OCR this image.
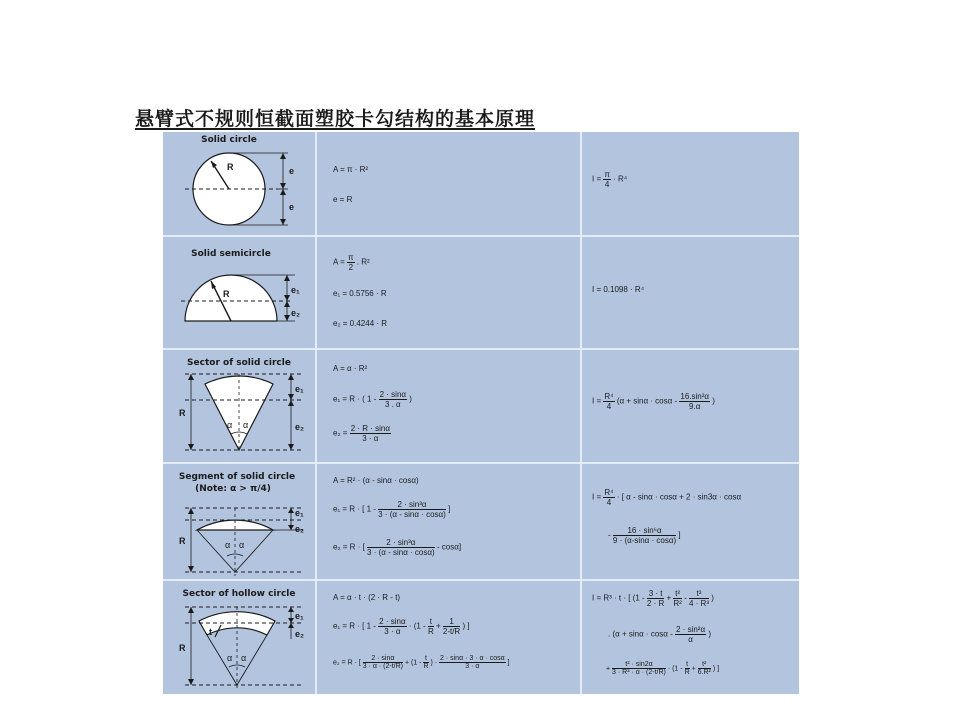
悬臂式不规则恒截面塑胶卡勾结构的基本原理
Solid circle
R	e
e
A = π · R²
e = R
$I = \frac{\pi}{4} \cdot R^4$
Solid semicircle
R	e₁
e₂
$A = \frac{\pi}{2}$ . R²
e₁ = 0.5756 · R
e₂ = 0.4244 · R
I = 0.1098 · R⁴
Sector of solid circle
α α
R
e₁
e₂
A = α · R²
e₁ = R · ( $1 - \frac{2 \cdot \sin\alpha}{3 . \alpha}$ )
$e_2 = \frac{2 \cdot R \cdot \sin\alpha}{3 \cdot \alpha}$
$I = \frac{\text{R⁴}}{4} (\alpha + \sin\alpha \cdot \cos\alpha - \frac{\text{16.sin²α}}{9.\alpha}$ )
Segment of solid circle
(Note: α > π/4)
α α
R
e₁
e₂
A = R² · (α - sinα · cosα)
e₁ = R · [ $1 - \frac{\text{2 · sin³α}}{3 \cdot (\alpha - \sin\alpha \cdot \cos\alpha)}$ ]
e₂ = R · [ $\frac{\text{2 · sin³α}}{3 \cdot (\alpha - \sin\alpha \cdot \cos\alpha)} - \cos\alpha$]
$I = \frac{\text{R⁴}}{4}$ · [ α - sinα · cosα + 2 · sin3α · cosα
- $\frac{\text{16 · sin⁶α}}{9 \cdot (\alpha-\sin\alpha \cdot \cos\alpha)}$ ]
Sector of hollow circle
t
α α
R
e₁
e₂
A = α · t · (2 · R - t)
e₁ = R · [ $1 - \frac{2 \cdot \sin\alpha}{3 \cdot \alpha} \cdot (1 - \frac{t}{R} + \frac{1}{2-t/R}$ ) ]
e₂ = R · [ $\frac{2 \cdot \sin\alpha}{3 \cdot \alpha \cdot (2-t/R)} + (1 - \frac{t}{R}$ ) · $\frac{2 \cdot \sin\alpha \cdot 3 \cdot \alpha \cdot \cos\alpha}{3 \cdot \alpha}$ ]
I = R³ · t · [ ($1 - \frac{3 \cdot t}{2 \cdot R} + \frac{\text{t²}}{\text{R²}} - \frac{\text{t³}}{\text{4 · R³}}$ )
. ($\alpha + \sin\alpha \cdot \cos\alpha - \frac{\text{2 · sin²α}}{\alpha}$ )
+ $\frac{\text{t² · sin2α}}{\text{3 · R² · α · (2-t/R)}} \cdot (1 - \frac{t}{R} + \frac{\text{t²}}{\text{6.R²}}$ ) ]
